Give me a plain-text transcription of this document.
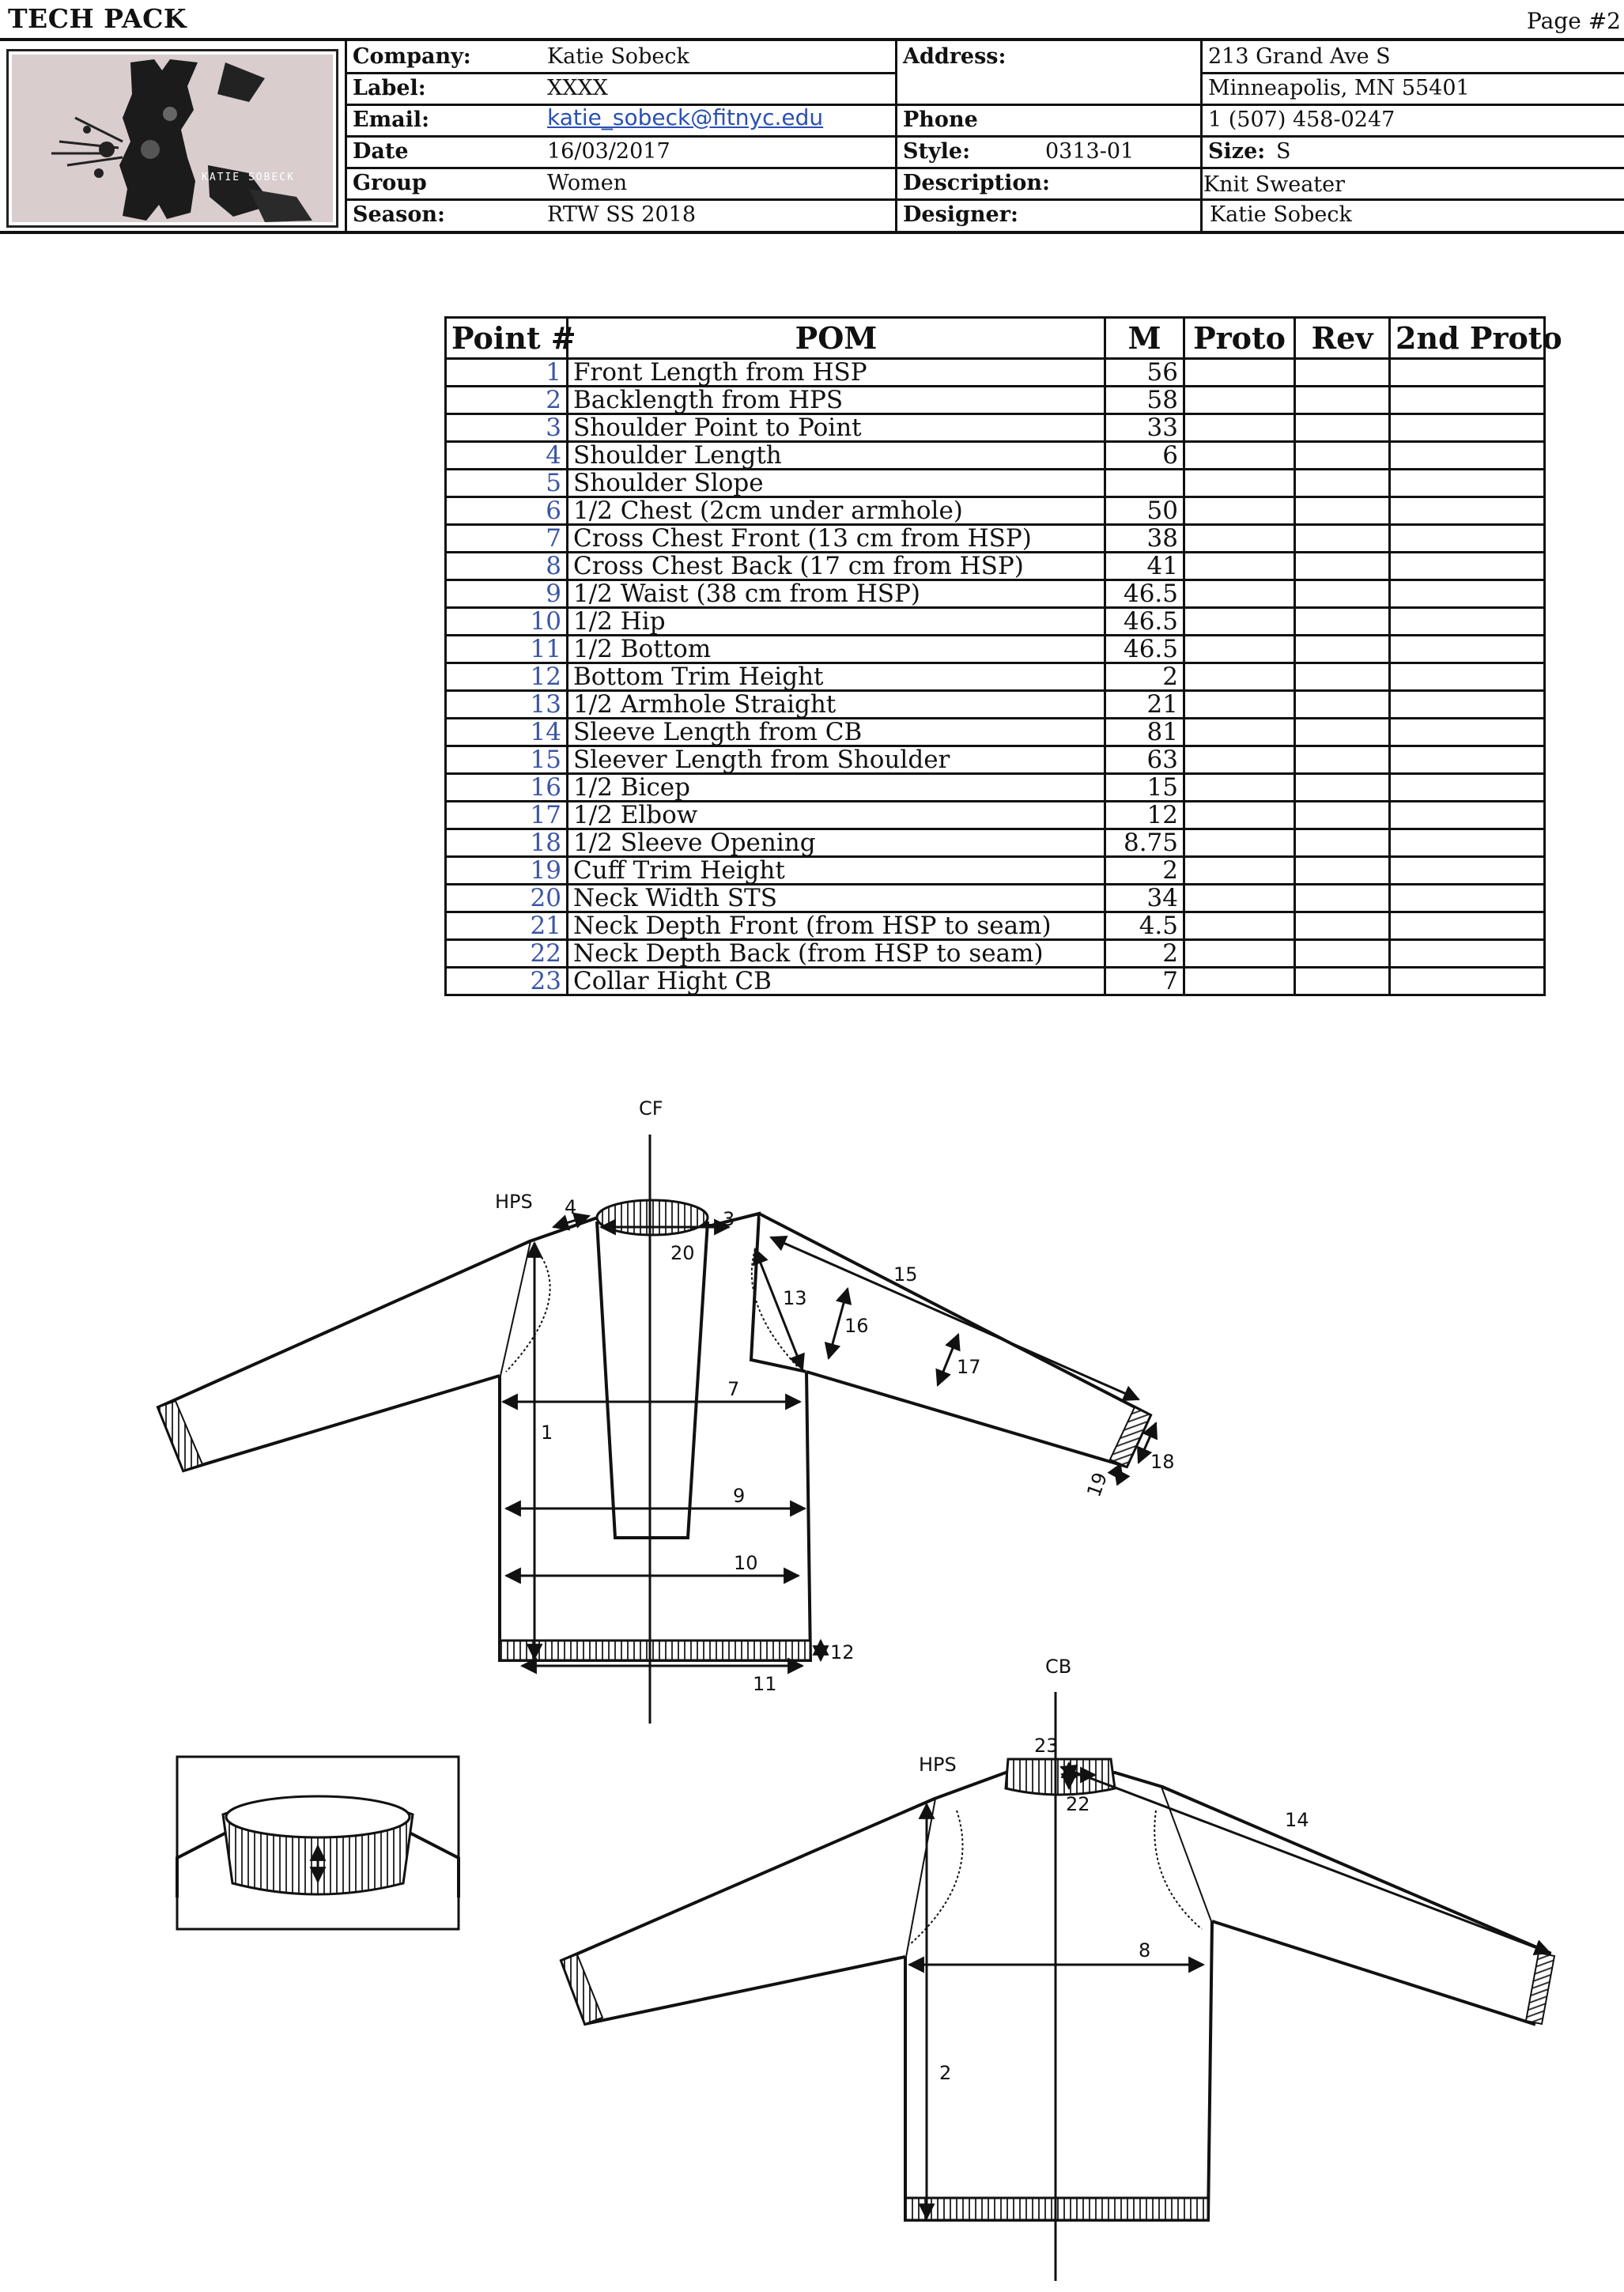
TECH PACK	Page #2
KATIE SOBECK
Company:	Katie Sobeck
Label:	XXXX
Email:	katie_sobeck@fitnyc.edu
Date	16/03/2017
Group	Women
Season:	RTW SS 2018
Address:	213 Grand Ave S
Minneapolis, MN 55401
Phone	1 (507) 458-0247
Style:	0313-01	Size: S
Description:	Knit Sweater
Designer:	Katie Sobeck
Point #	POM	M	Proto	Rev	2nd Proto
1	Front Length from HSP	56			
2	Backlength from HPS	58			
3	Shoulder Point to Point	33			
4	Shoulder Length	6			
5	Shoulder Slope				
6	1/2 Chest (2cm under armhole)	50			
7	Cross Chest Front (13 cm from HSP)	38			
8	Cross Chest Back (17 cm from HSP)	41			
9	1/2 Waist (38 cm from HSP)	46.5			
10	1/2 Hip	46.5			
11	1/2 Bottom	46.5			
12	Bottom Trim Height	2			
13	1/2 Armhole Straight	21			
14	Sleeve Length from CB	81			
15	Sleever Length from Shoulder	63			
16	1/2 Bicep	15			
17	1/2 Elbow	12			
18	1/2 Sleeve Opening	8.75			
19	Cuff Trim Height	2			
20	Neck Width STS	34			
21	Neck Depth Front (from HSP to seam)	4.5			
22	Neck Depth Back (from HSP to seam)	2			
23	Collar Hight CB	7			
CF
HPS
1
3
4
7
9
10
11
12
13
15
16
17
18
19
20
CB
HPS
2
8
14
22
23
